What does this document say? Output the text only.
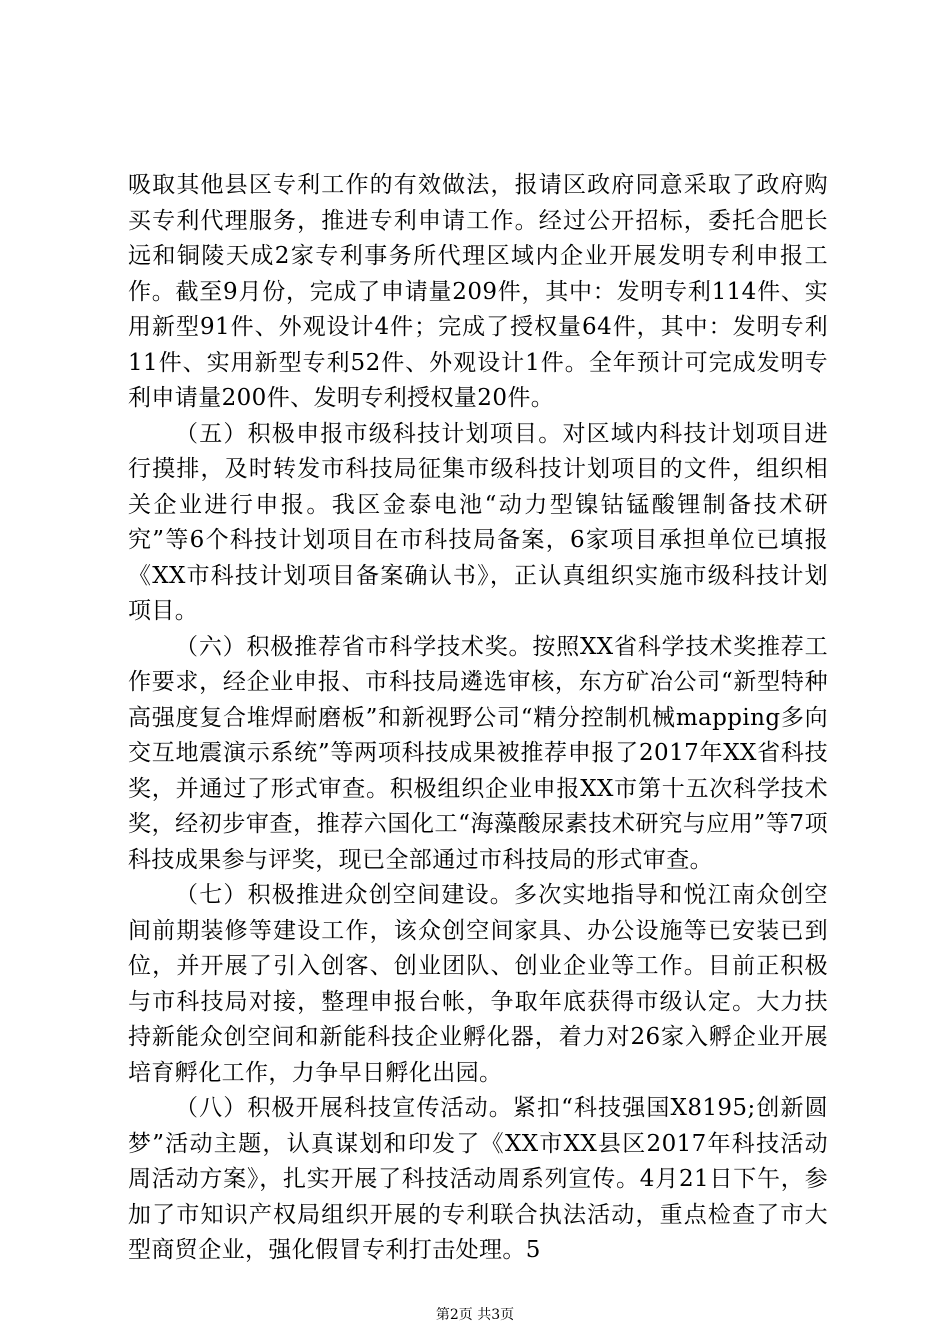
吸取其他县区专利工作的有效做法，报请区政府同意采取了政府购买专利代理服务，推进专利申请工作。经过公开招标，委托合肥长远和铜陵天成2家专利事务所代理区域内企业开展发明专利申报工作。截至9月份，完成了申请量209件，其中：发明专利114件、实用新型91件、外观设计4件；完成了授权量64件，其中：发明专利11件、实用新型专利52件、外观设计1件。全年预计可完成发明专利申请量200件、发明专利授权量20件。

（五）积极申报市级科技计划项目。对区域内科技计划项目进行摸排，及时转发市科技局征集市级科技计划项目的文件，组织相关企业进行申报。我区金泰电池“动力型镍钴锰酸锂制备技术研究”等6个科技计划项目在市科技局备案，6家项目承担单位已填报《XX市科技计划项目备案确认书》，正认真组织实施市级科技计划项目。

（六）积极推荐省市科学技术奖。按照XX省科学技术奖推荐工作要求，经企业申报、市科技局遴选审核，东方矿冶公司“新型特种高强度复合堆焊耐磨板”和新视野公司“精分控制机械mapping多向交互地震演示系统”等两项科技成果被推荐申报了2017年XX省科技奖，并通过了形式审查。积极组织企业申报XX市第十五次科学技术奖，经初步审查，推荐六国化工“海藻酸尿素技术研究与应用”等7项科技成果参与评奖，现已全部通过市科技局的形式审查。

（七）积极推进众创空间建设。多次实地指导和悦江南众创空间前期装修等建设工作，该众创空间家具、办公设施等已安装已到位，并开展了引入创客、创业团队、创业企业等工作。目前正积极与市科技局对接，整理申报台帐，争取年底获得市级认定。大力扶持新能众创空间和新能科技企业孵化器，着力对26家入孵企业开展培育孵化工作，力争早日孵化出园。

（八）积极开展科技宣传活动。紧扣“科技强国X8195;创新圆梦”活动主题，认真谋划和印发了《XX市XX县区2017年科技活动周活动方案》，扎实开展了科技活动周系列宣传。4月21日下午，参加了市知识产权局组织开展的专利联合执法活动，重点检查了市大型商贸企业，强化假冒专利打击处理。5

第2页 共3页
